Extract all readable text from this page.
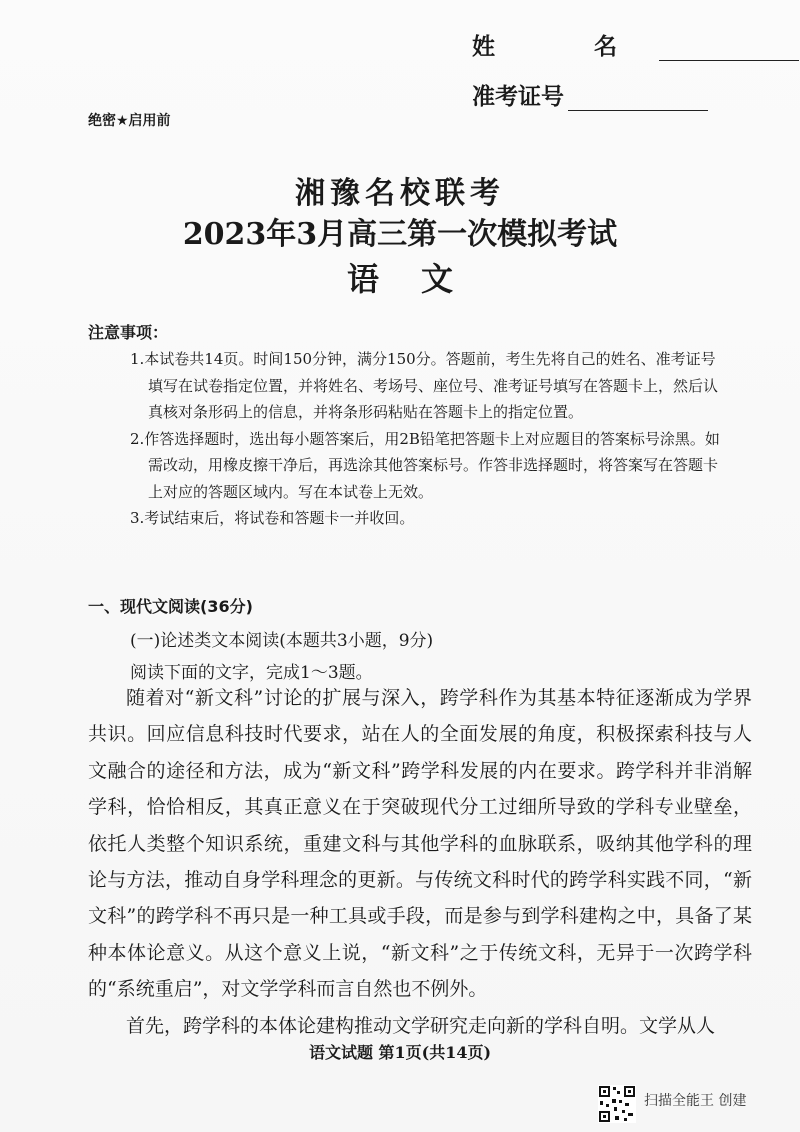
姓　名
准考证号
绝密★启用前
湘豫名校联考
2023年3月高三第一次模拟考试
语文
注意事项：
1.本试卷共14页。时间150分钟，满分150分。答题前，考生先将自己的姓名、准考证号填写在试卷指定位置，并将姓名、考场号、座位号、准考证号填写在答题卡上，然后认真核对条形码上的信息，并将条形码粘贴在答题卡上的指定位置。
2.作答选择题时，选出每小题答案后，用2B铅笔把答题卡上对应题目的答案标号涂黑。如需改动，用橡皮擦干净后，再选涂其他答案标号。作答非选择题时，将答案写在答题卡上对应的答题区域内。写在本试卷上无效。
3.考试结束后，将试卷和答题卡一并收回。
一、现代文阅读(36分)
(一)论述类文本阅读(本题共3小题，9分)
阅读下面的文字，完成1～3题。

随着对“新文科”讨论的扩展与深入，跨学科作为其基本特征逐渐成为学界共识。回应信息科技时代要求，站在人的全面发展的角度，积极探索科技与人文融合的途径和方法，成为“新文科”跨学科发展的内在要求。跨学科并非消解学科，恰恰相反，其真正意义在于突破现代分工过细所导致的学科专业壁垒，依托人类整个知识系统，重建文科与其他学科的血脉联系，吸纳其他学科的理论与方法，推动自身学科理念的更新。与传统文科时代的跨学科实践不同，“新文科”的跨学科不再只是一种工具或手段，而是参与到学科建构之中，具备了某种本体论意义。从这个意义上说，“新文科”之于传统文科，无异于一次跨学科的“系统重启”，对文学学科而言自然也不例外。

首先，跨学科的本体论建构推动文学研究走向新的学科自明。文学从人

语文试题 第1页(共14页)
扫描全能王 创建
